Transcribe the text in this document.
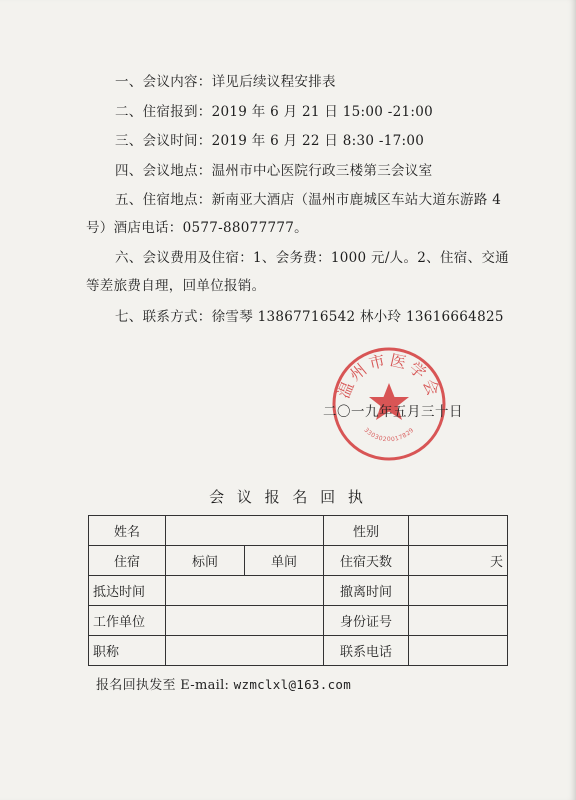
一、会议内容：详见后续议程安排表
二、住宿报到：2019 年 6 月 21 日 15:00 -21:00
三、会议时间：2019 年 6 月 22 日 8:30 -17:00
四、会议地点：温州市中心医院行政三楼第三会议室
五、住宿地点：新南亚大酒店（温州市鹿城区车站大道东游路 4
号）酒店电话：0577-88077777。
六、会议费用及住宿：1、会务费：1000 元/人。2、住宿、交通
等差旅费自理，回单位报销。
七、联系方式：徐雪琴 13867716542 林小玲 13616664825
温州市医学会
3303020017829
二〇一九年五月三十日
会 议 报 名 回 执
姓名			性别	
住宿	标间	单间	住宿天数	天
抵达时间			撤离时间	
工作单位			身份证号	
职称			联系电话	
报名回执发至 E-mail: wzmclxl@163.com
